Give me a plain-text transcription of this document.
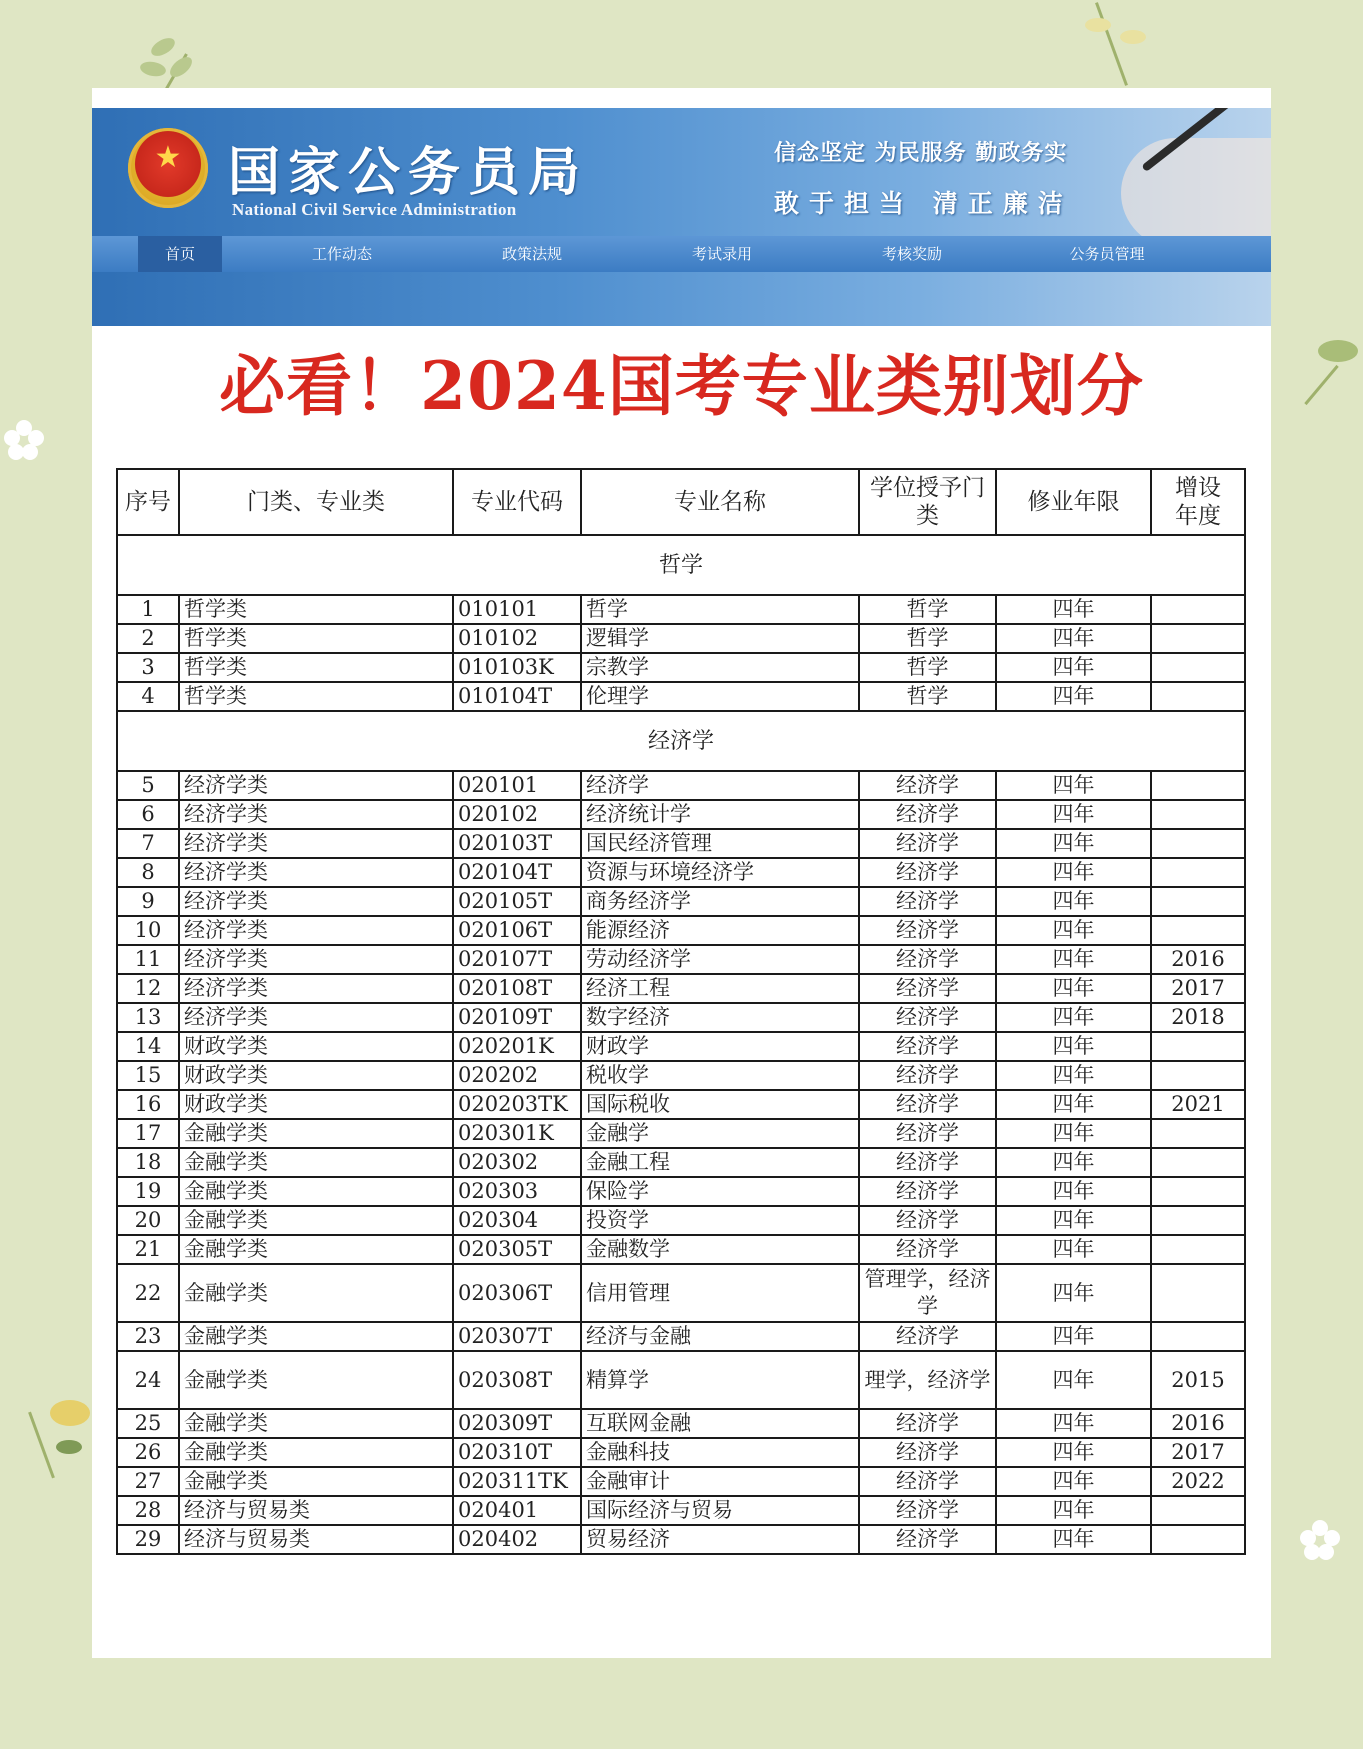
★
国家公务员局
National Civil Service Administration
信念坚定 为民服务 勤政务实
敢于担当 清正廉洁
首页	工作动态	政策法规	考试录用	考核奖励	公务员管理
必看！2024国考专业类别划分
序号	门类、专业类	专业代码	专业名称	学位授予门类	修业年限	增设年度
哲学						
1	哲学类	010101	哲学	哲学	四年	
2	哲学类	010102	逻辑学	哲学	四年	
3	哲学类	010103K	宗教学	哲学	四年	
4	哲学类	010104T	伦理学	哲学	四年	
经济学						
5	经济学类	020101	经济学	经济学	四年	
6	经济学类	020102	经济统计学	经济学	四年	
7	经济学类	020103T	国民经济管理	经济学	四年	
8	经济学类	020104T	资源与环境经济学	经济学	四年	
9	经济学类	020105T	商务经济学	经济学	四年	
10	经济学类	020106T	能源经济	经济学	四年	
11	经济学类	020107T	劳动经济学	经济学	四年	2016
12	经济学类	020108T	经济工程	经济学	四年	2017
13	经济学类	020109T	数字经济	经济学	四年	2018
14	财政学类	020201K	财政学	经济学	四年	
15	财政学类	020202	税收学	经济学	四年	
16	财政学类	020203TK	国际税收	经济学	四年	2021
17	金融学类	020301K	金融学	经济学	四年	
18	金融学类	020302	金融工程	经济学	四年	
19	金融学类	020303	保险学	经济学	四年	
20	金融学类	020304	投资学	经济学	四年	
21	金融学类	020305T	金融数学	经济学	四年	
22	金融学类	020306T	信用管理	管理学，经济学	四年	
23	金融学类	020307T	经济与金融	经济学	四年	
24	金融学类	020308T	精算学	理学，经济学	四年	2015
25	金融学类	020309T	互联网金融	经济学	四年	2016
26	金融学类	020310T	金融科技	经济学	四年	2017
27	金融学类	020311TK	金融审计	经济学	四年	2022
28	经济与贸易类	020401	国际经济与贸易	经济学	四年	
29	经济与贸易类	020402	贸易经济	经济学	四年	
